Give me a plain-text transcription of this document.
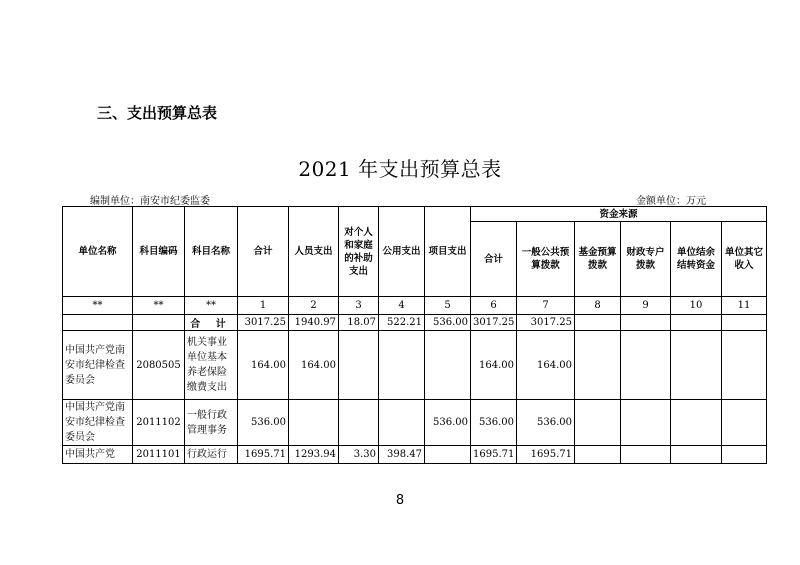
三、支出预算总表
2021 年支出预算总表
编制单位：南安市纪委监委	金额单位：万元
单位名称	科目编码	科目名称	合计	人员支出	对个人和家庭的补助支出	公用支出	项目支出	资金来源					
								合计	一般公共预算拨款	基金预算拨款	财政专户拨款	单位结余结转资金	单位其它收入
**	**	**	1	2	3	4	5	6	7	8	9	10	11
		合 计	3017.25	1940.97	18.07	522.21	536.00	3017.25	3017.25				
中国共产党南安市纪律检查委员会	2080505	机关事业单位基本养老保险缴费支出	164.00	164.00				164.00	164.00				
中国共产党南安市纪律检查委员会	2011102	一般行政管理事务	536.00				536.00	536.00	536.00				
中国共产党	2011101	行政运行	1695.71	1293.94	3.30	398.47		1695.71	1695.71				
8
